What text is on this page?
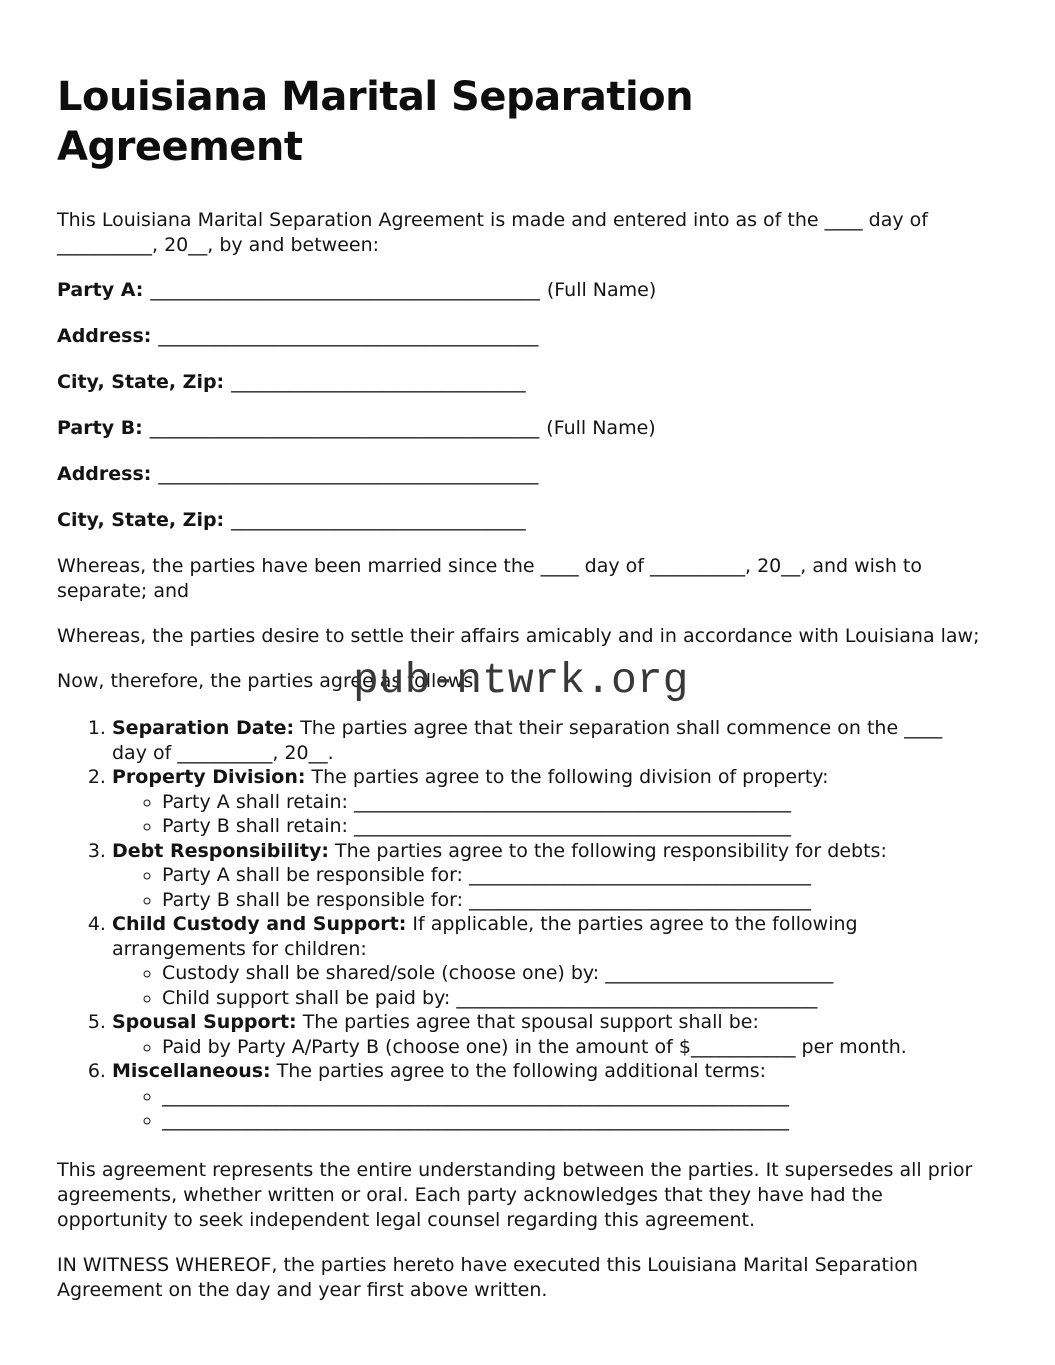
pub-ntwrk.org
Louisiana Marital Separation Agreement

This Louisiana Marital Separation Agreement is made and entered into as of the ____ day of __________, 20__, by and between:

Party A: _________________________________________ (Full Name)

Address: ________________________________________

City, State, Zip: _______________________________

Party B: _________________________________________ (Full Name)

Address: ________________________________________

City, State, Zip: _______________________________

Whereas, the parties have been married since the ____ day of __________, 20__, and wish to separate; and

Whereas, the parties desire to settle their affairs amicably and in accordance with Louisiana law;

Now, therefore, the parties agree as follows:

1. Separation Date: The parties agree that their separation shall commence on the ____ day of __________, 20__.
2. Property Division: The parties agree to the following division of property:
◦ Party A shall retain: ______________________________________________
◦ Party B shall retain: ______________________________________________
3. Debt Responsibility: The parties agree to the following responsibility for debts:
◦ Party A shall be responsible for: ____________________________________
◦ Party B shall be responsible for: ____________________________________
4. Child Custody and Support: If applicable, the parties agree to the following arrangements for children:
◦ Custody shall be shared/sole (choose one) by: ________________________
◦ Child support shall be paid by: ______________________________________
5. Spousal Support: The parties agree that spousal support shall be:
◦ Paid by Party A/Party B (choose one) in the amount of $___________ per month.
6. Miscellaneous: The parties agree to the following additional terms:
◦ __________________________________________________________________
◦ __________________________________________________________________

This agreement represents the entire understanding between the parties. It supersedes all prior agreements, whether written or oral. Each party acknowledges that they have had the opportunity to seek independent legal counsel regarding this agreement.

IN WITNESS WHEREOF, the parties hereto have executed this Louisiana Marital Separation Agreement on the day and year first above written.
